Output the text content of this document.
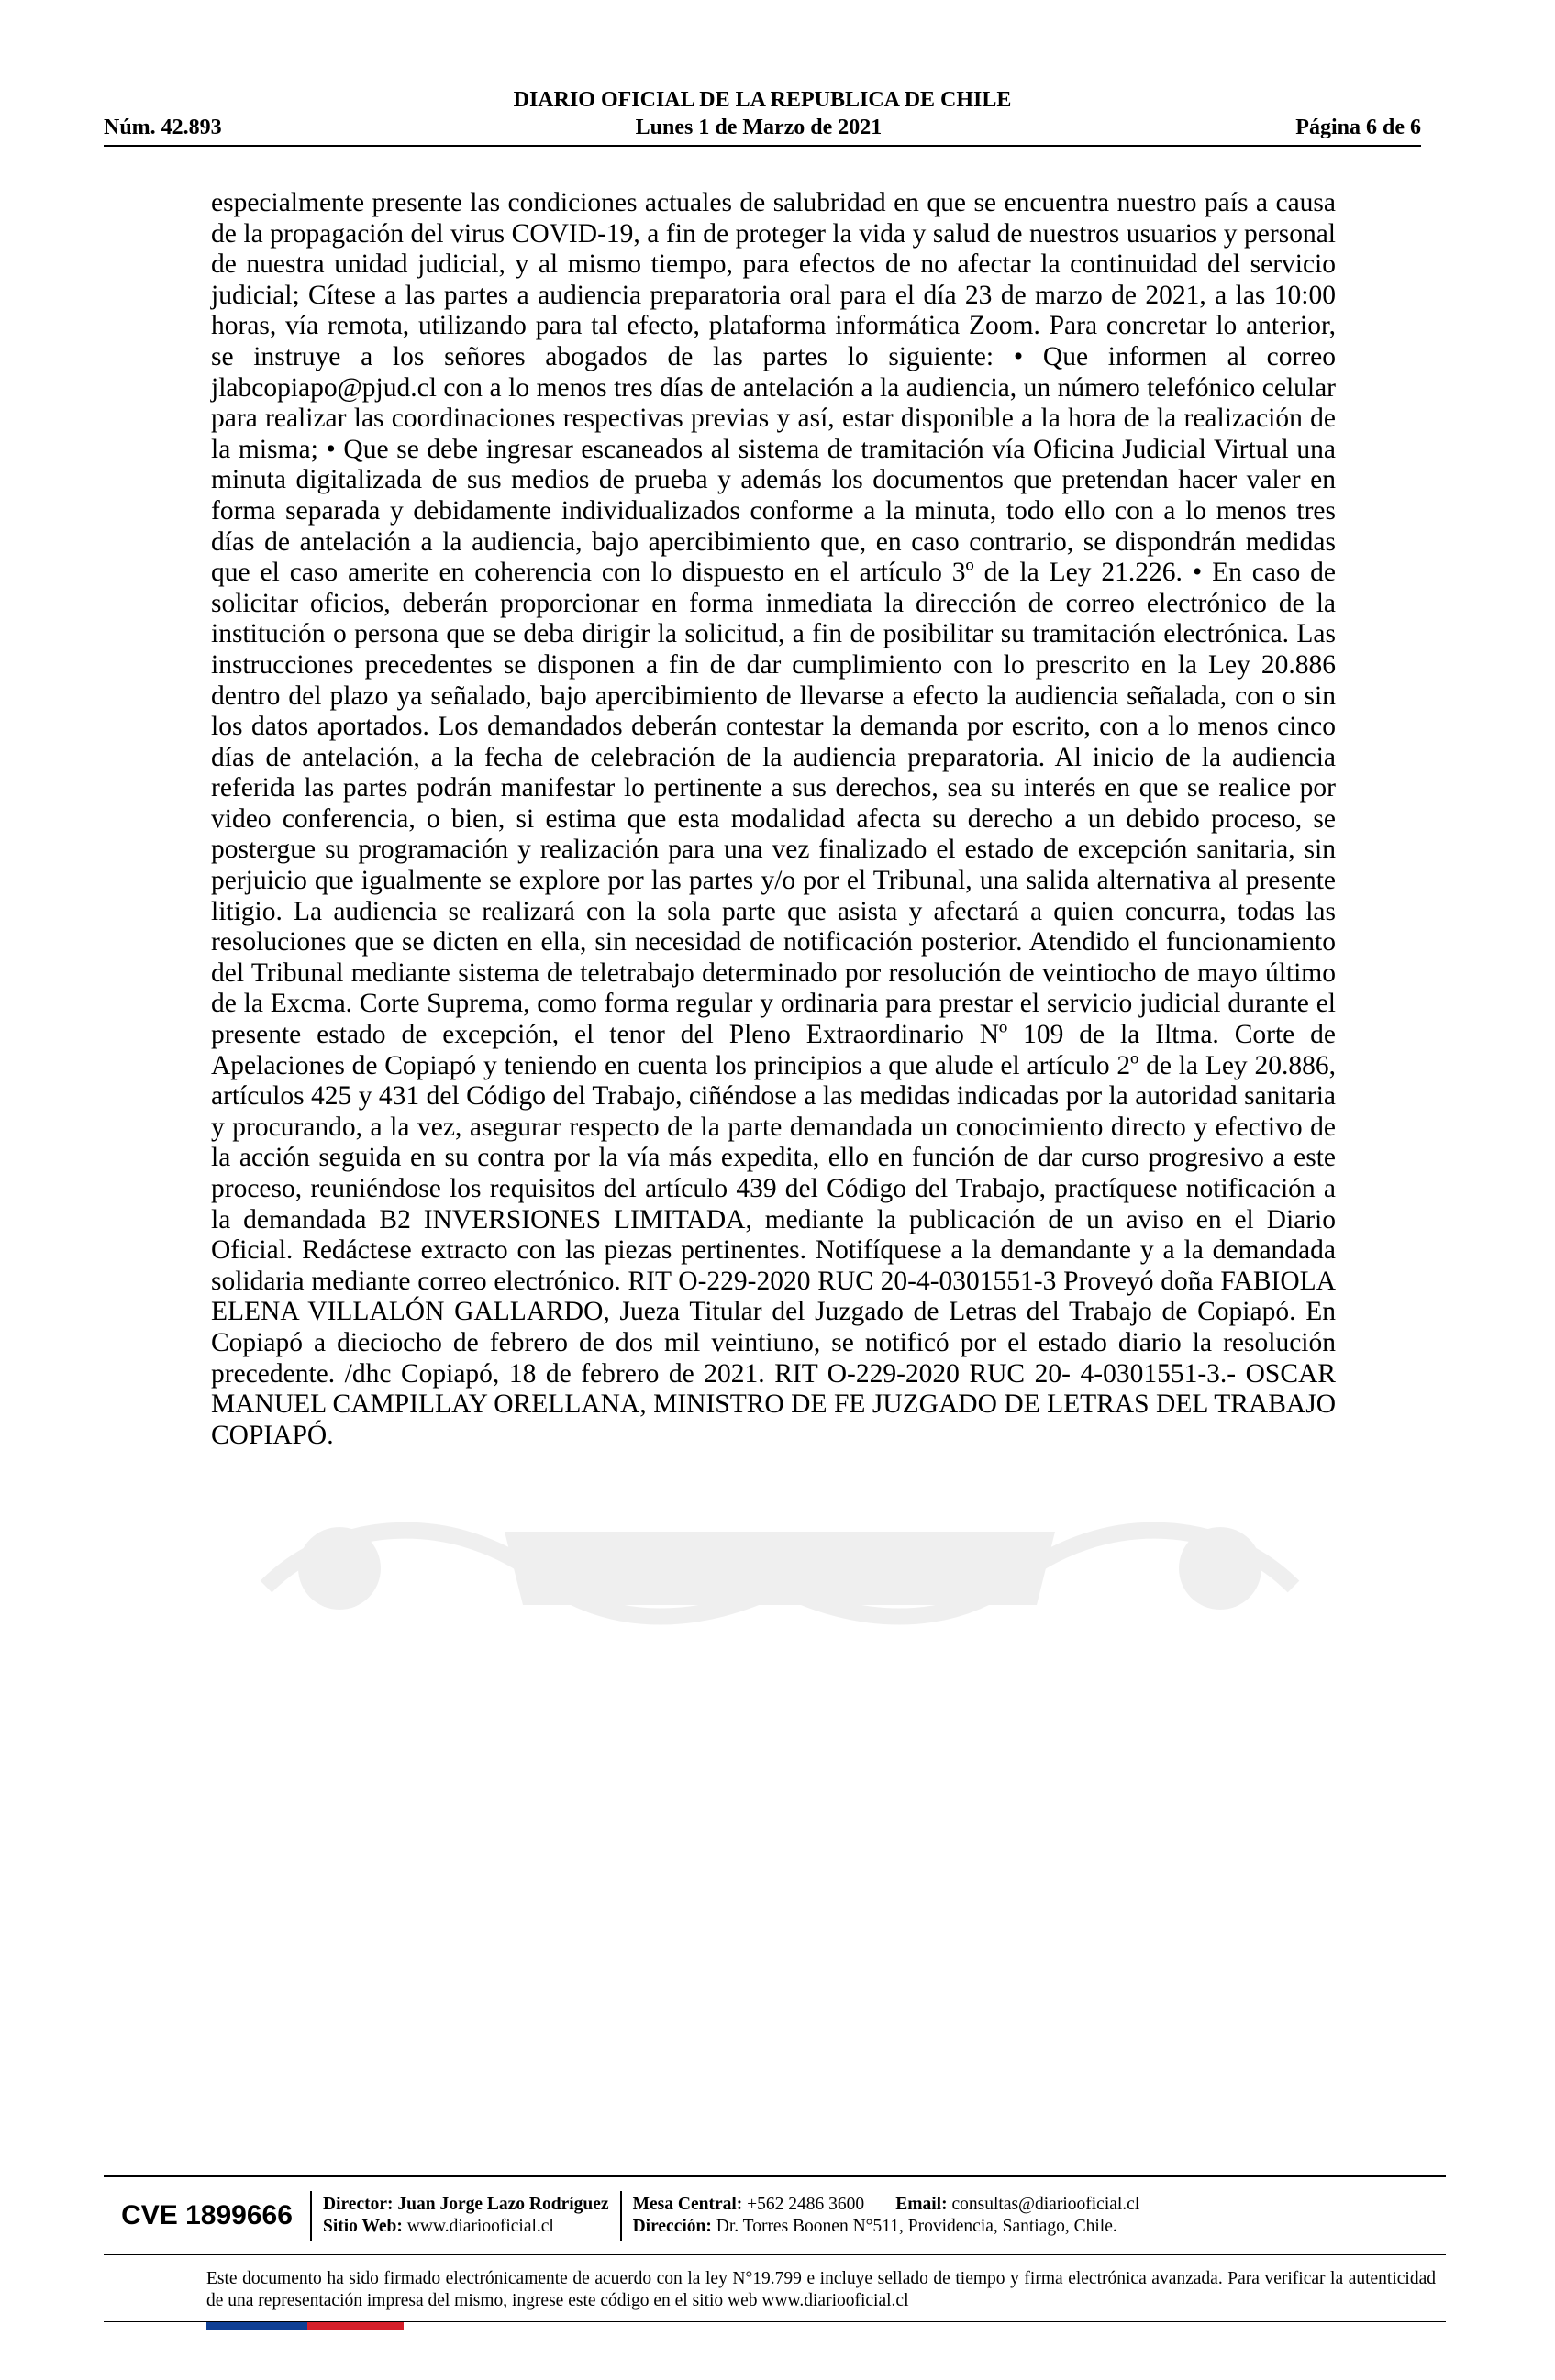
DIARIO OFICIAL DE LA REPUBLICA DE CHILE
Núm. 42.893	Lunes 1 de Marzo de 2021	Página 6 de 6
especialmente presente las condiciones actuales de salubridad en que se encuentra nuestro país a causa de la propagación del virus COVID-19, a fin de proteger la vida y salud de nuestros usuarios y personal de nuestra unidad judicial, y al mismo tiempo, para efectos de no afectar la continuidad del servicio judicial; Cítese a las partes a audiencia preparatoria oral para el día 23 de marzo de 2021, a las 10:00 horas, vía remota, utilizando para tal efecto, plataforma informática Zoom. Para concretar lo anterior, se instruye a los señores abogados de las partes lo siguiente: • Que informen al correo jlabcopiapo@pjud.cl con a lo menos tres días de antelación a la audiencia, un número telefónico celular para realizar las coordinaciones respectivas previas y así, estar disponible a la hora de la realización de la misma; • Que se debe ingresar escaneados al sistema de tramitación vía Oficina Judicial Virtual una minuta digitalizada de sus medios de prueba y además los documentos que pretendan hacer valer en forma separada y debidamente individualizados conforme a la minuta, todo ello con a lo menos tres días de antelación a la audiencia, bajo apercibimiento que, en caso contrario, se dispondrán medidas que el caso amerite en coherencia con lo dispuesto en el artículo 3º de la Ley 21.226. • En caso de solicitar oficios, deberán proporcionar en forma inmediata la dirección de correo electrónico de la institución o persona que se deba dirigir la solicitud, a fin de posibilitar su tramitación electrónica. Las instrucciones precedentes se disponen a fin de dar cumplimiento con lo prescrito en la Ley 20.886 dentro del plazo ya señalado, bajo apercibimiento de llevarse a efecto la audiencia señalada, con o sin los datos aportados. Los demandados deberán contestar la demanda por escrito, con a lo menos cinco días de antelación, a la fecha de celebración de la audiencia preparatoria. Al inicio de la audiencia referida las partes podrán manifestar lo pertinente a sus derechos, sea su interés en que se realice por video conferencia, o bien, si estima que esta modalidad afecta su derecho a un debido proceso, se postergue su programación y realización para una vez finalizado el estado de excepción sanitaria, sin perjuicio que igualmente se explore por las partes y/o por el Tribunal, una salida alternativa al presente litigio. La audiencia se realizará con la sola parte que asista y afectará a quien concurra, todas las resoluciones que se dicten en ella, sin necesidad de notificación posterior. Atendido el funcionamiento del Tribunal mediante sistema de teletrabajo determinado por resolución de veintiocho de mayo último de la Excma. Corte Suprema, como forma regular y ordinaria para prestar el servicio judicial durante el presente estado de excepción, el tenor del Pleno Extraordinario Nº 109 de la Iltma. Corte de Apelaciones de Copiapó y teniendo en cuenta los principios a que alude el artículo 2º de la Ley 20.886, artículos 425 y 431 del Código del Trabajo, ciñéndose a las medidas indicadas por la autoridad sanitaria y procurando, a la vez, asegurar respecto de la parte demandada un conocimiento directo y efectivo de la acción seguida en su contra por la vía más expedita, ello en función de dar curso progresivo a este proceso, reuniéndose los requisitos del artículo 439 del Código del Trabajo, practíquese notificación a la demandada B2 INVERSIONES LIMITADA, mediante la publicación de un aviso en el Diario Oficial. Redáctese extracto con las piezas pertinentes. Notifíquese a la demandante y a la demandada solidaria mediante correo electrónico. RIT O-229-2020 RUC 20-4-0301551-3 Proveyó doña FABIOLA ELENA VILLALÓN GALLARDO, Jueza Titular del Juzgado de Letras del Trabajo de Copiapó. En Copiapó a dieciocho de febrero de dos mil veintiuno, se notificó por el estado diario la resolución precedente. /dhc Copiapó, 18 de febrero de 2021. RIT O-229-2020 RUC 20- 4-0301551-3.- OSCAR MANUEL CAMPILLAY ORELLANA, MINISTRO DE FE JUZGADO DE LETRAS DEL TRABAJO COPIAPÓ.
CVE 1899666	Director: Juan Jorge Lazo Rodríguez
Sitio Web: www.diariooficial.cl
Mesa Central: +562 2486 3600 Email: consultas@diariooficial.cl
Dirección: Dr. Torres Boonen N°511, Providencia, Santiago, Chile.
Este documento ha sido firmado electrónicamente de acuerdo con la ley N°19.799 e incluye sellado de tiempo y firma electrónica avanzada. Para verificar la autenticidad de una representación impresa del mismo, ingrese este código en el sitio web www.diariooficial.cl
